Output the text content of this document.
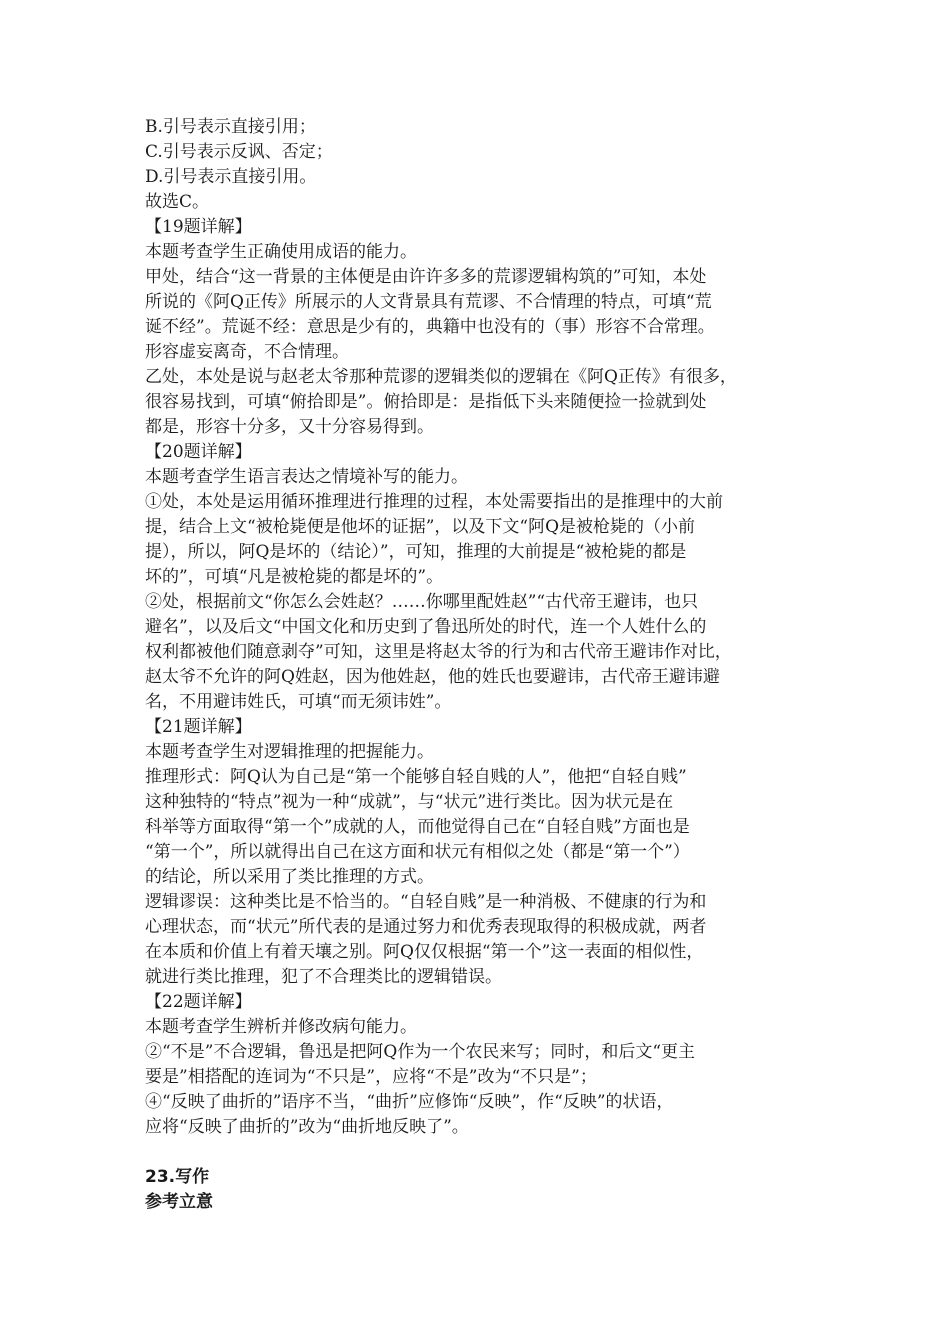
B.引号表示直接引用；

C.引号表示反讽、否定；

D.引号表示直接引用。

故选C。

【19题详解】

本题考查学生正确使用成语的能力。

甲处，结合“这一背景的主体便是由许许多多的荒谬逻辑构筑的”可知，本处

所说的《阿Q正传》所展示的人文背景具有荒谬、不合情理的特点，可填“荒

诞不经”。荒诞不经：意思是少有的，典籍中也没有的（事）形容不合常理。

形容虚妄离奇，不合情理。

乙处，本处是说与赵老太爷那种荒谬的逻辑类似的逻辑在《阿Q正传》有很多，

很容易找到，可填“俯拾即是”。俯拾即是：是指低下头来随便捡一捡就到处

都是，形容十分多，又十分容易得到。

【20题详解】

本题考查学生语言表达之情境补写的能力。

①处，本处是运用循环推理进行推理的过程，本处需要指出的是推理中的大前

提，结合上文“被枪毙便是他坏的证据”，以及下文“阿Q是被枪毙的（小前

提），所以，阿Q是坏的（结论）”，可知，推理的大前提是“被枪毙的都是

坏的”，可填“凡是被枪毙的都是坏的”。

②处，根据前文“你怎么会姓赵？……你哪里配姓赵”“古代帝王避讳，也只

避名”，以及后文“中国文化和历史到了鲁迅所处的时代，连一个人姓什么的

权利都被他们随意剥夺”可知，这里是将赵太爷的行为和古代帝王避讳作对比，

赵太爷不允许的阿Q姓赵，因为他姓赵，他的姓氏也要避讳，古代帝王避讳避

名，不用避讳姓氏，可填“而无须讳姓”。

【21题详解】

本题考查学生对逻辑推理的把握能力。

推理形式：阿Q认为自己是“第一个能够自轻自贱的人”，他把“自轻自贱”

这种独特的“特点”视为一种“成就”，与“状元”进行类比。因为状元是在

科举等方面取得“第一个”成就的人，而他觉得自己在“自轻自贱”方面也是

“第一个”，所以就得出自己在这方面和状元有相似之处（都是“第一个”）

的结论，所以采用了类比推理的方式。

逻辑谬误：这种类比是不恰当的。“自轻自贱”是一种消极、不健康的行为和

心理状态，而“状元”所代表的是通过努力和优秀表现取得的积极成就，两者

在本质和价值上有着天壤之别。阿Q仅仅根据“第一个”这一表面的相似性，

就进行类比推理，犯了不合理类比的逻辑错误。

【22题详解】

本题考查学生辨析并修改病句能力。

②“不是”不合逻辑，鲁迅是把阿Q作为一个农民来写；同时，和后文“更主

要是”相搭配的连词为“不只是”，应将“不是”改为“不只是”；

④“反映了曲折的”语序不当，“曲折”应修饰“反映”，作“反映”的状语，

应将“反映了曲折的”改为“曲折地反映了”。

23.写作

参考立意
